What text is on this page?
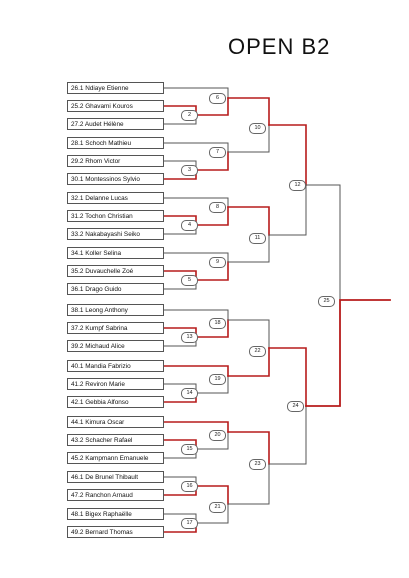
OPEN B2
26.1 Ndiaye Etienne
25.2 Ghavami Kouros
27.2 Audet Hélène
28.1 Schoch Mathieu
29.2 Rhom Victor
30.1 Montessinos Sylvio
32.1 Delanne Lucas
31.2 Tochon Christian
33.2 Nakabayashi Seiko
34.1 Koller Selina
35.2 Duvauchelle Zoé
36.1 Drago Guido
38.1 Leong Anthony
37.2 Kumpf Sabrina
39.2 Michaud Alice
40.1 Mandia Fabrizio
41.2 Reviron Marie
42.1 Gebbia Alfonso
44.1 Kimura Oscar
43.2 Schacher Rafael
45.2 Kampmann Emanuele
46.1 De Brunel Thibault
47.2 Ranchon Arnaud
48.1 Bigex Raphaëlle
49.2 Bernard Thomas
2
3
4
5
6
7
8
9
10
11
12
13
14
15
16
17
18
19
20
21
22
23
24
25
